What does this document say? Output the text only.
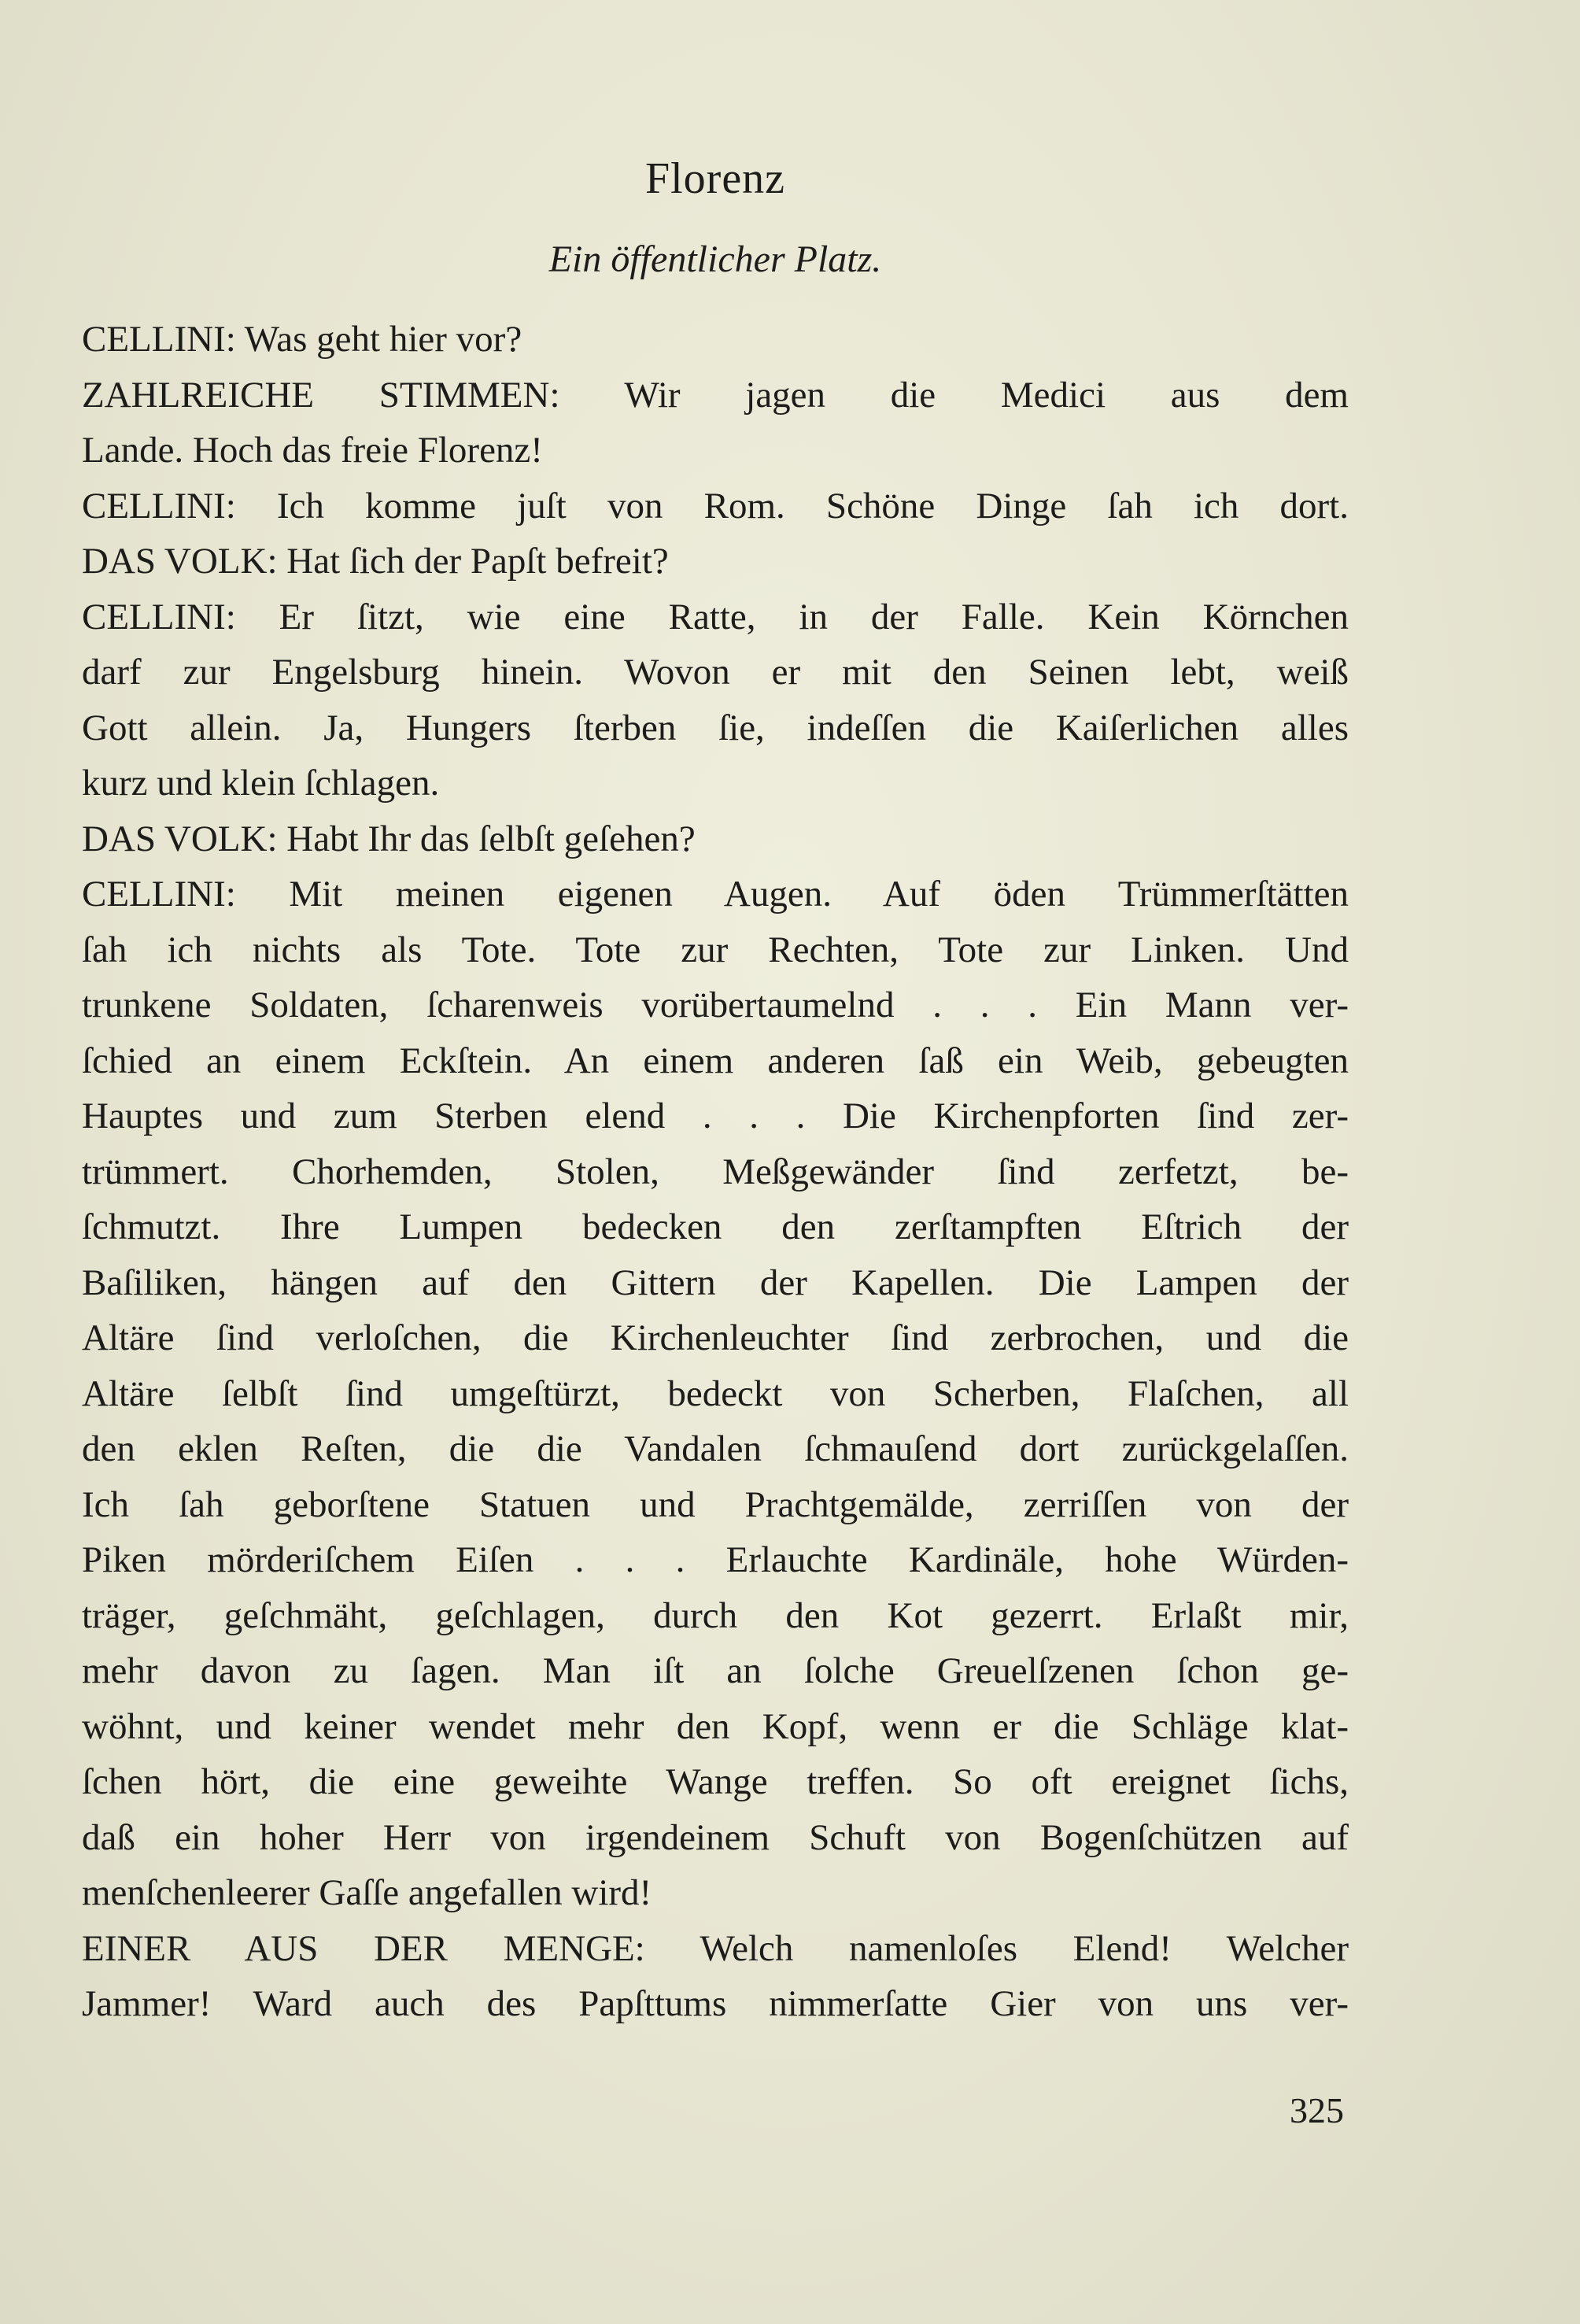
Florenz
Ein öffentlicher Platz.
CELLINI: Was geht hier vor?
ZAHLREICHE STIMMEN: Wir jagen die Medici aus dem
Lande. Hoch das freie Florenz!
CELLINI: Ich komme juſt von Rom. Schöne Dinge ſah ich dort.
DAS VOLK: Hat ſich der Papſt befreit?
CELLINI: Er ſitzt, wie eine Ratte, in der Falle. Kein Körnchen
darf zur Engelsburg hinein. Wovon er mit den Seinen lebt, weiß
Gott allein. Ja, Hungers ſterben ſie, indeſſen die Kaiſerlichen alles
kurz und klein ſchlagen.
DAS VOLK: Habt Ihr das ſelbſt geſehen?
CELLINI: Mit meinen eigenen Augen. Auf öden Trümmerſtätten
ſah ich nichts als Tote. Tote zur Rechten, Tote zur Linken. Und
trunkene Soldaten, ſcharenweis vorübertaumelnd . . . Ein Mann ver-
ſchied an einem Eckſtein. An einem anderen ſaß ein Weib, gebeugten
Hauptes und zum Sterben elend . . . Die Kirchenpforten ſind zer-
trümmert. Chorhemden, Stolen, Meßgewänder ſind zerfetzt, be-
ſchmutzt. Ihre Lumpen bedecken den zerſtampften Eſtrich der
Baſiliken, hängen auf den Gittern der Kapellen. Die Lampen der
Altäre ſind verloſchen, die Kirchenleuchter ſind zerbrochen, und die
Altäre ſelbſt ſind umgeſtürzt, bedeckt von Scherben, Flaſchen, all
den eklen Reſten, die die Vandalen ſchmauſend dort zurückgelaſſen.
Ich ſah geborſtene Statuen und Prachtgemälde, zerriſſen von der
Piken mörderiſchem Eiſen . . . Erlauchte Kardinäle, hohe Würden-
träger, geſchmäht, geſchlagen, durch den Kot gezerrt. Erlaßt mir,
mehr davon zu ſagen. Man iſt an ſolche Greuelſzenen ſchon ge-
wöhnt, und keiner wendet mehr den Kopf, wenn er die Schläge klat-
ſchen hört, die eine geweihte Wange treffen. So oft ereignet ſichs,
daß ein hoher Herr von irgendeinem Schuft von Bogenſchützen auf
menſchenleerer Gaſſe angefallen wird!
EINER AUS DER MENGE: Welch namenloſes Elend! Welcher
Jammer! Ward auch des Papſttums nimmerſatte Gier von uns ver-
325
